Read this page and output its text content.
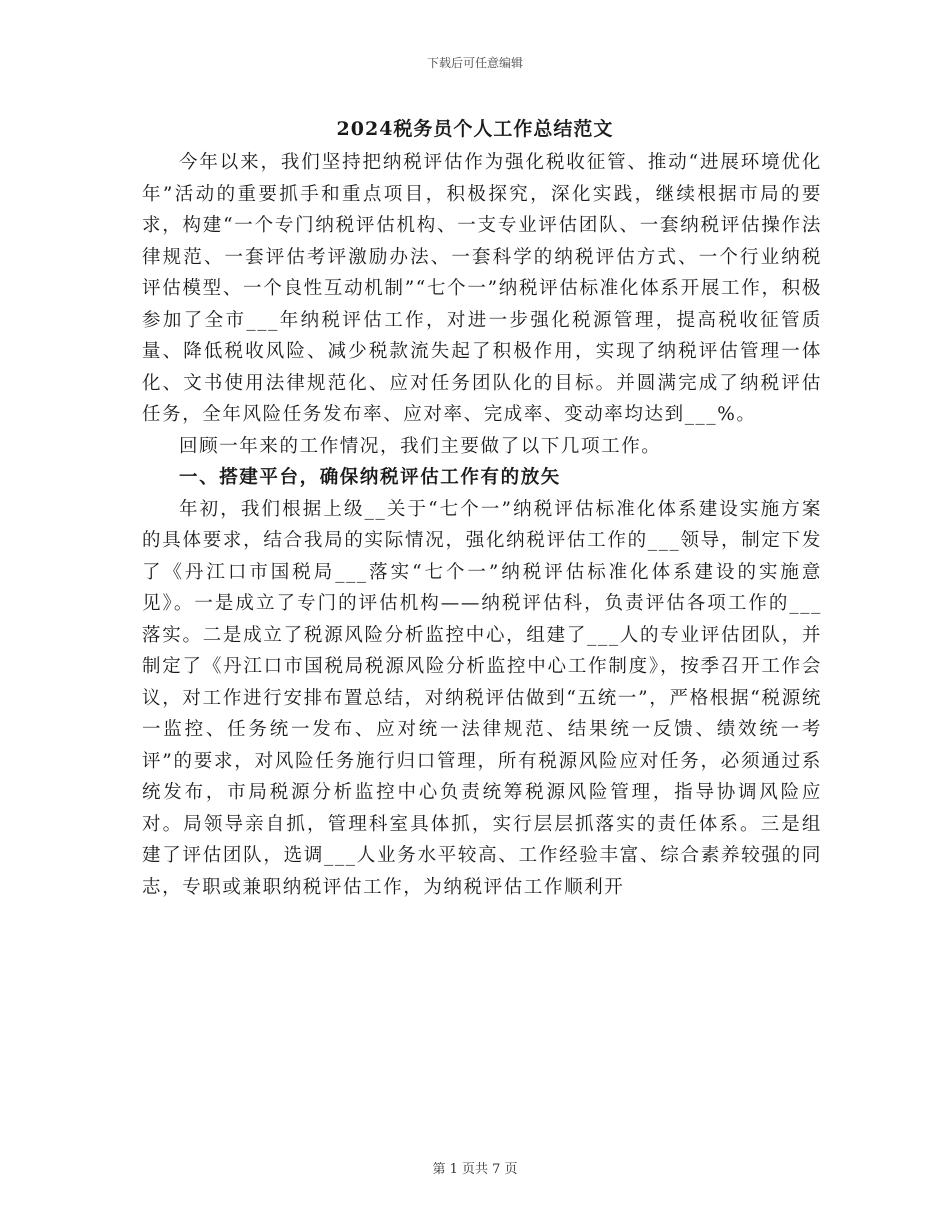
下载后可任意编辑
2024税务员个人工作总结范文

今年以来，我们坚持把纳税评估作为强化税收征管、推动“进展环境优化年”活动的重要抓手和重点项目，积极探究，深化实践，继续根据市局的要求，构建“一个专门纳税评估机构、一支专业评估团队、一套纳税评估操作法律规范、一套评估考评激励办法、一套科学的纳税评估方式、一个行业纳税评估模型、一个良性互动机制”“七个一”纳税评估标准化体系开展工作，积极参加了全市___年纳税评估工作，对进一步强化税源管理，提高税收征管质量、降低税收风险、减少税款流失起了积极作用，实现了纳税评估管理一体化、文书使用法律规范化、应对任务团队化的目标。并圆满完成了纳税评估任务，全年风险任务发布率、应对率、完成率、变动率均达到___%。

回顾一年来的工作情况，我们主要做了以下几项工作。

一、搭建平台，确保纳税评估工作有的放矢

年初，我们根据上级__关于“七个一”纳税评估标准化体系建设实施方案的具体要求，结合我局的实际情况，强化纳税评估工作的___领导，制定下发了《丹江口市国税局___落实“七个一”纳税评估标准化体系建设的实施意见》。一是成立了专门的评估机构——纳税评估科，负责评估各项工作的___落实。二是成立了税源风险分析监控中心，组建了___人的专业评估团队，并制定了《丹江口市国税局税源风险分析监控中心工作制度》，按季召开工作会议，对工作进行安排布置总结，对纳税评估做到“五统一”，严格根据“税源统一监控、任务统一发布、应对统一法律规范、结果统一反馈、绩效统一考评”的要求，对风险任务施行归口管理，所有税源风险应对任务，必须通过系统发布，市局税源分析监控中心负责统筹税源风险管理，指导协调风险应对。局领导亲自抓，管理科室具体抓，实行层层抓落实的责任体系。三是组建了评估团队，选调___人业务水平较高、工作经验丰富、综合素养较强的同志，专职或兼职纳税评估工作，为纳税评估工作顺利开

第 1 页共 7 页
